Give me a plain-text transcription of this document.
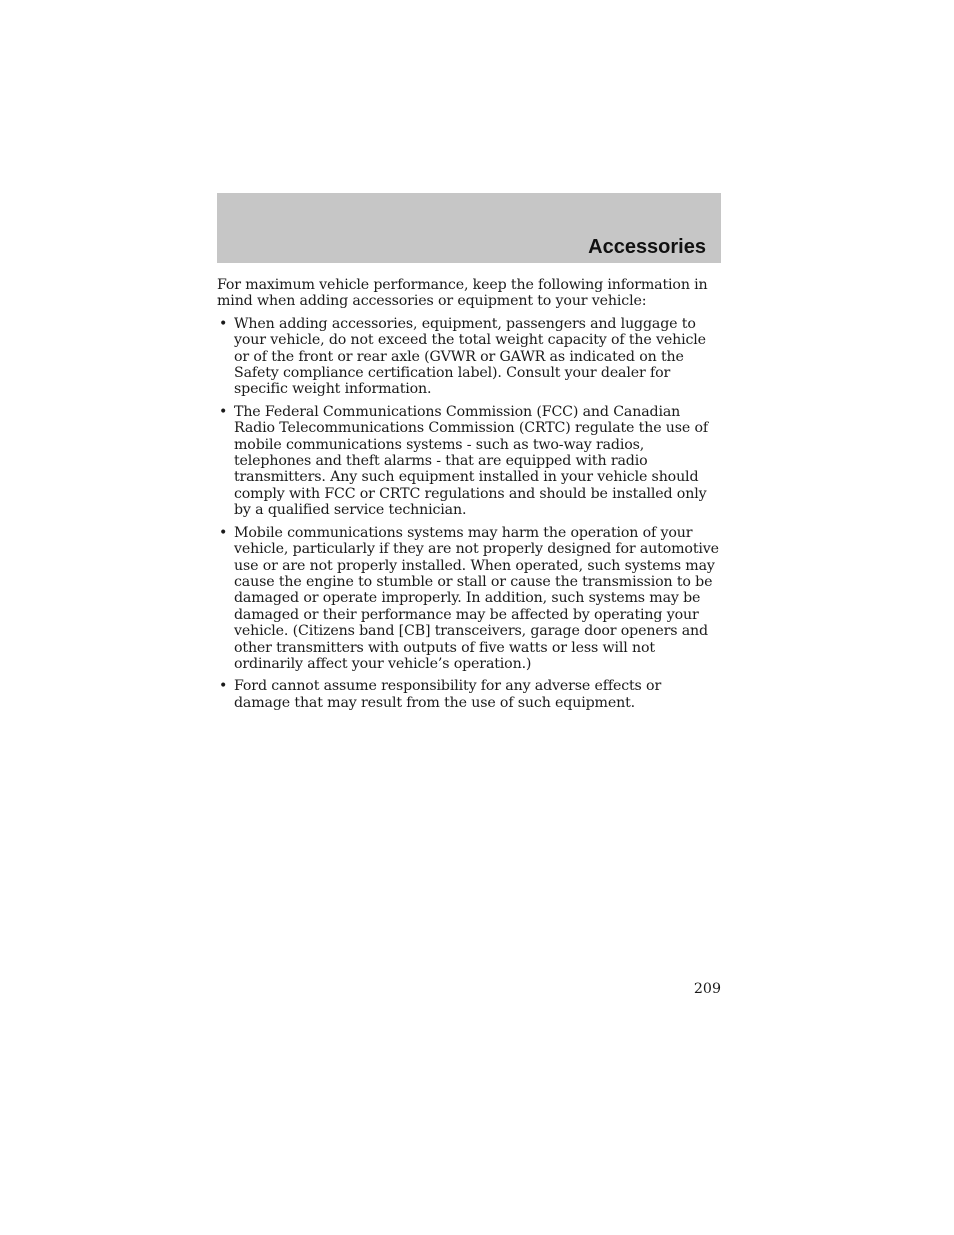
Accessories

For maximum vehicle performance, keep the following information in mind when adding accessories or equipment to your vehicle:

• When adding accessories, equipment, passengers and luggage to your vehicle, do not exceed the total weight capacity of the vehicle or of the front or rear axle (GVWR or GAWR as indicated on the Safety compliance certification label). Consult your dealer for specific weight information.
• The Federal Communications Commission (FCC) and Canadian Radio Telecommunications Commission (CRTC) regulate the use of mobile communications systems - such as two-way radios, telephones and theft alarms - that are equipped with radio transmitters. Any such equipment installed in your vehicle should comply with FCC or CRTC regulations and should be installed only by a qualified service technician.
• Mobile communications systems may harm the operation of your vehicle, particularly if they are not properly designed for automotive use or are not properly installed. When operated, such systems may cause the engine to stumble or stall or cause the transmission to be damaged or operate improperly. In addition, such systems may be damaged or their performance may be affected by operating your vehicle. (Citizens band [CB] transceivers, garage door openers and other transmitters with outputs of five watts or less will not ordinarily affect your vehicle’s operation.)
• Ford cannot assume responsibility for any adverse effects or damage that may result from the use of such equipment.
209
